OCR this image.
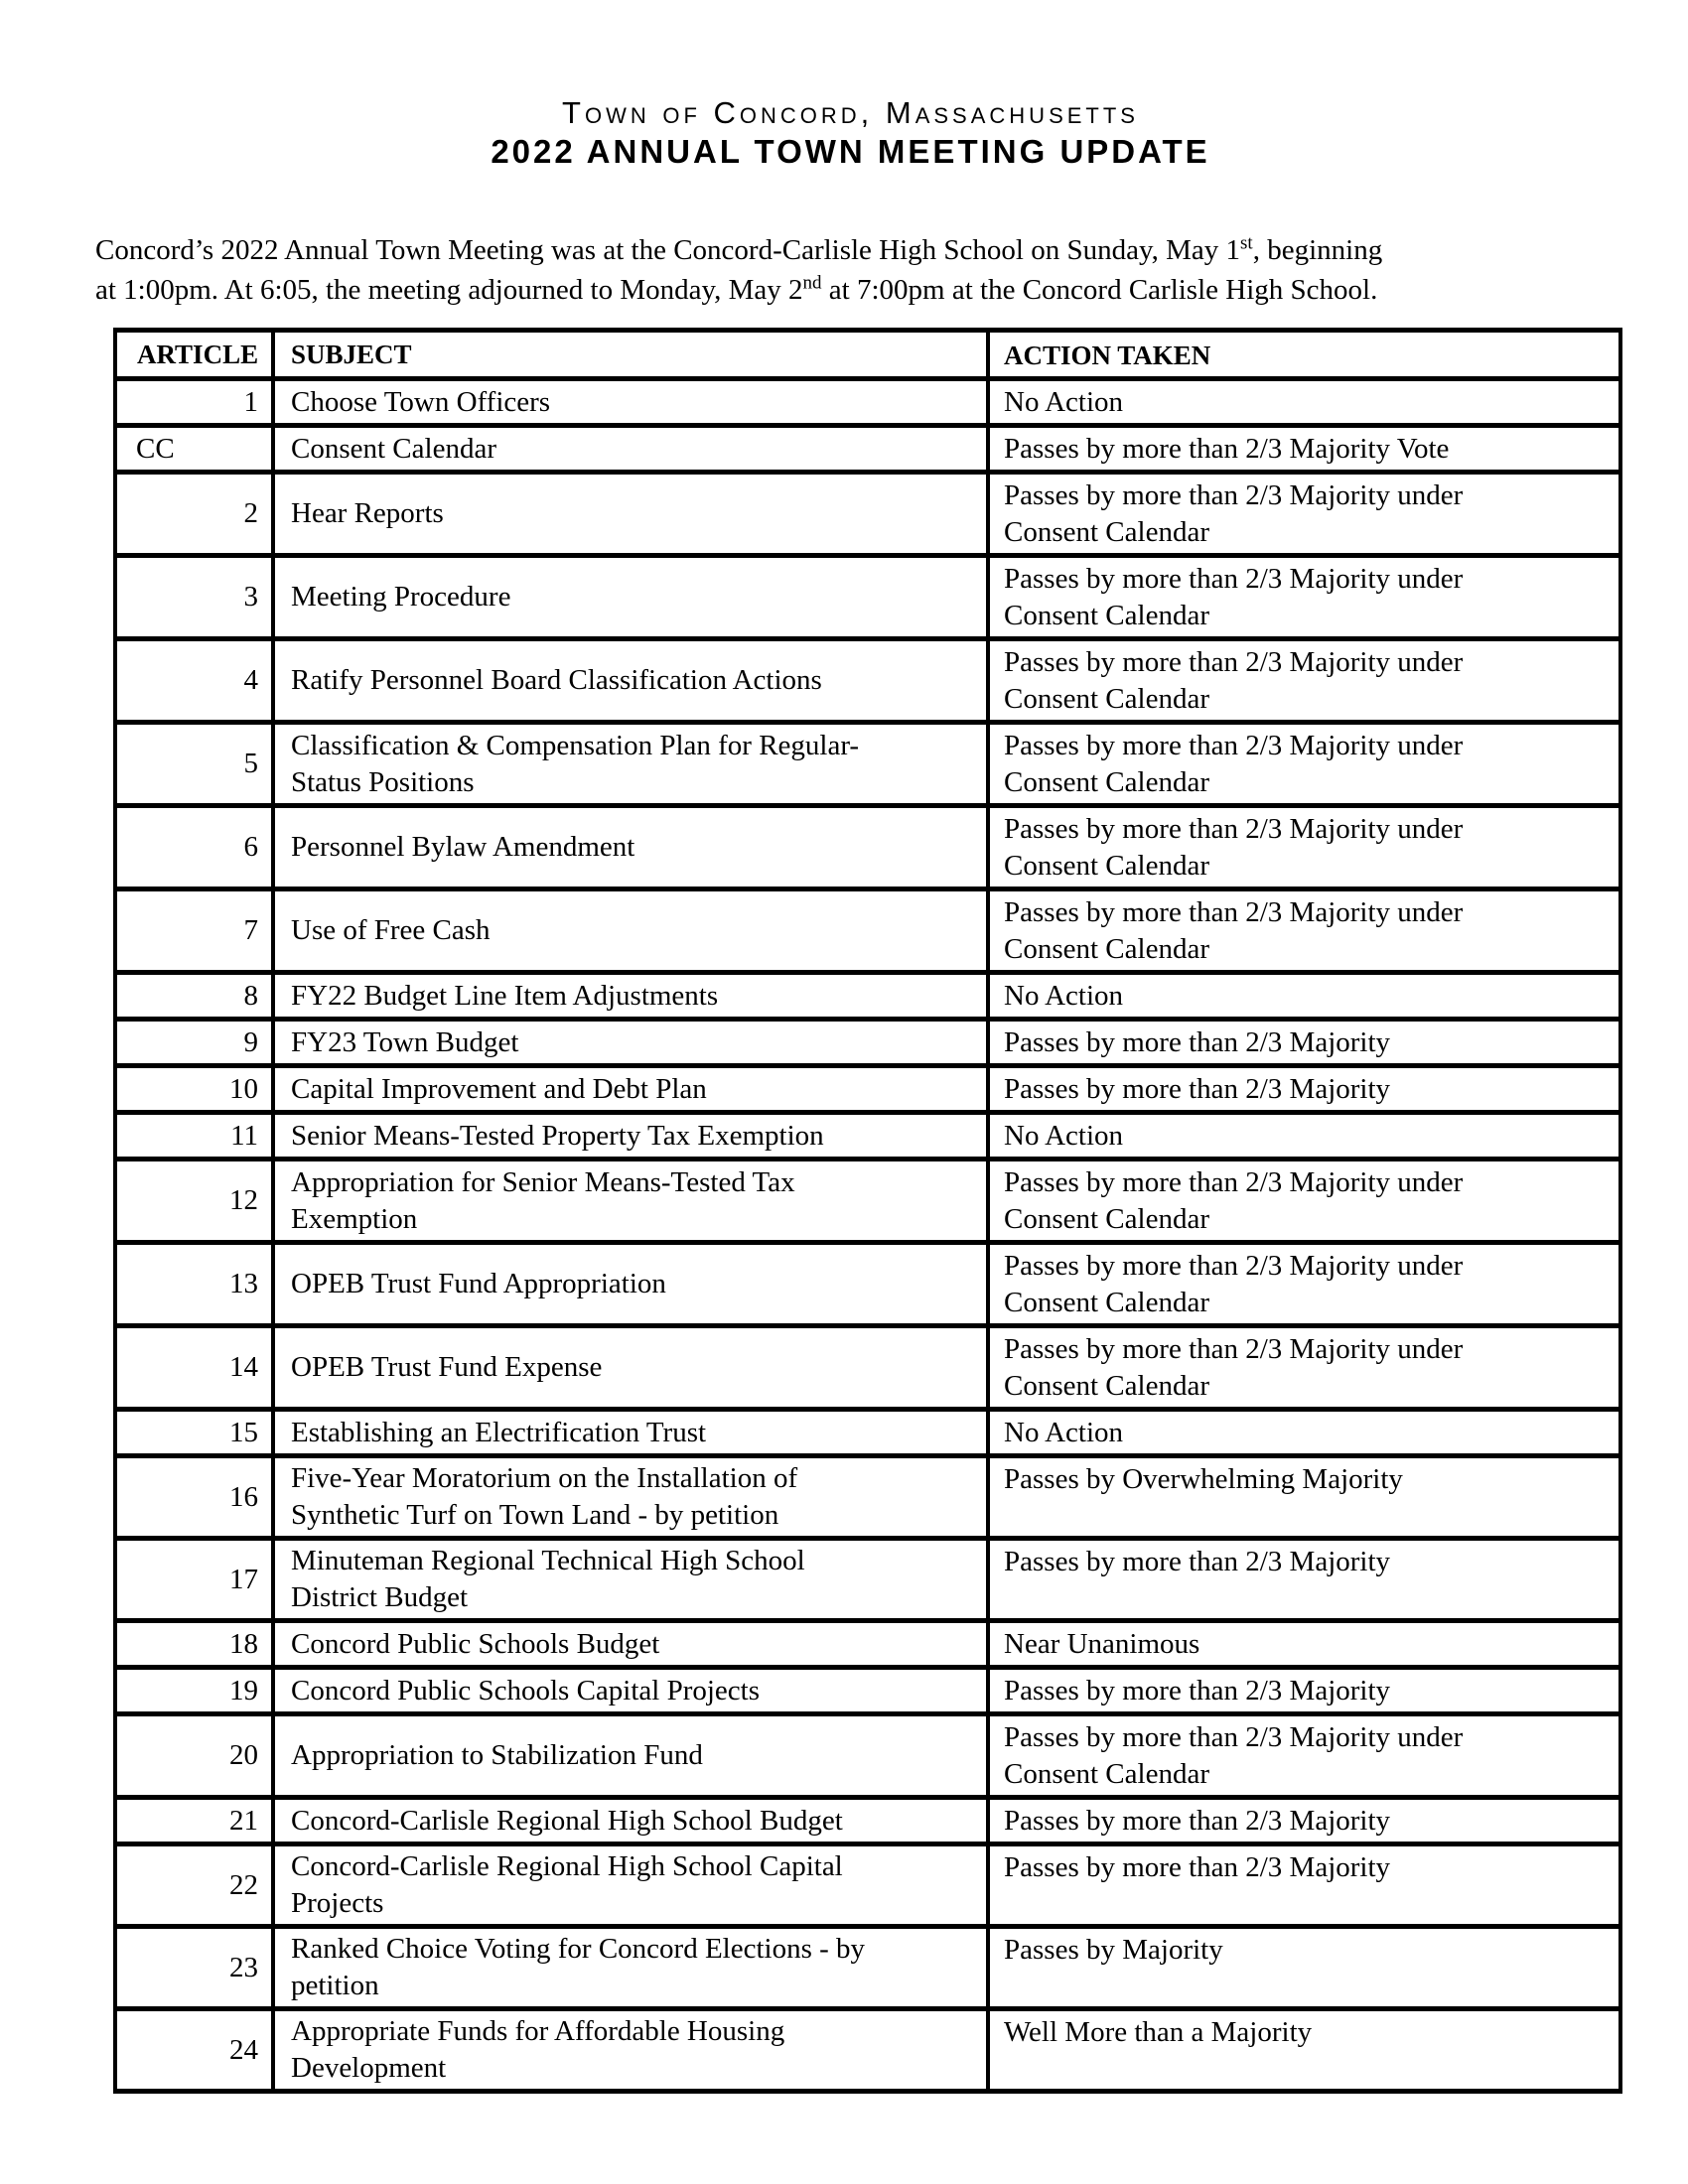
Town of Concord, Massachusetts
2022 ANNUAL TOWN MEETING UPDATE
Concord’s 2022 Annual Town Meeting was at the Concord-Carlisle High School on Sunday, May 1st, beginning
at 1:00pm. At 6:05, the meeting adjourned to Monday, May 2nd at 7:00pm at the Concord Carlisle High School.
ARTICLE	SUBJECT	ACTION TAKEN
1	Choose Town Officers	No Action
CC	Consent Calendar	Passes by more than 2/3 Majority Vote
2	Hear Reports	Passes by more than 2/3 Majority under Consent Calendar
3	Meeting Procedure	Passes by more than 2/3 Majority under Consent Calendar
4	Ratify Personnel Board Classification Actions	Passes by more than 2/3 Majority under Consent Calendar
5	Classification & Compensation Plan for Regular-Status Positions	Passes by more than 2/3 Majority under Consent Calendar
6	Personnel Bylaw Amendment	Passes by more than 2/3 Majority under Consent Calendar
7	Use of Free Cash	Passes by more than 2/3 Majority under Consent Calendar
8	FY22 Budget Line Item Adjustments	No Action
9	FY23 Town Budget	Passes by more than 2/3 Majority
10	Capital Improvement and Debt Plan	Passes by more than 2/3 Majority
11	Senior Means-Tested Property Tax Exemption	No Action
12	Appropriation for Senior Means-Tested Tax Exemption	Passes by more than 2/3 Majority under Consent Calendar
13	OPEB Trust Fund Appropriation	Passes by more than 2/3 Majority under Consent Calendar
14	OPEB Trust Fund Expense	Passes by more than 2/3 Majority under Consent Calendar
15	Establishing an Electrification Trust	No Action
16	Five-Year Moratorium on the Installation of Synthetic Turf on Town Land - by petition	Passes by Overwhelming Majority
17	Minuteman Regional Technical High School District Budget	Passes by more than 2/3 Majority
18	Concord Public Schools Budget	Near Unanimous
19	Concord Public Schools Capital Projects	Passes by more than 2/3 Majority
20	Appropriation to Stabilization Fund	Passes by more than 2/3 Majority under Consent Calendar
21	Concord-Carlisle Regional High School Budget	Passes by more than 2/3 Majority
22	Concord-Carlisle Regional High School Capital Projects	Passes by more than 2/3 Majority
23	Ranked Choice Voting for Concord Elections - by petition	Passes by Majority
24	Appropriate Funds for Affordable Housing Development	Well More than a Majority
